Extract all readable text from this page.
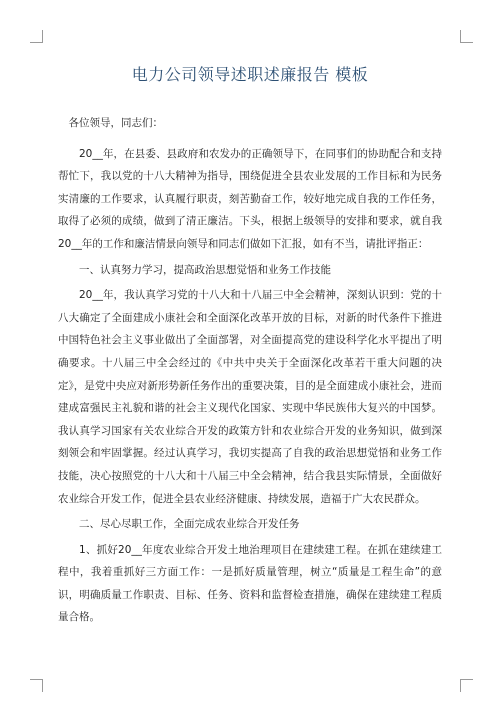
电力公司领导述职述廉报告 模板

各位领导，同志们：

20__年，在县委、县政府和农发办的正确领导下，在同事们的协助配合和支持帮忙下，我以党的十八大精神为指导，围绕促进全县农业发展的工作目标和为民务实清廉的工作要求，认真履行职责，刻苦勤奋工作，较好地完成自我的工作任务，取得了必须的成绩，做到了清正廉洁。下头，根据上级领导的安排和要求，就自我20__年的工作和廉洁情景向领导和同志们做如下汇报，如有不当，请批评指正：

一、认真努力学习，提高政治思想觉悟和业务工作技能

20__年，我认真学习党的十八大和十八届三中全会精神，深刻认识到：党的十八大确定了全面建成小康社会和全面深化改革开放的目标，对新的时代条件下推进中国特色社会主义事业做出了全面部署，对全面提高党的建设科学化水平提出了明确要求。十八届三中全会经过的《中共中央关于全面深化改革若干重大问题的决定》，是党中央应对新形势新任务作出的重要决策，目的是全面建成小康社会，进而建成富强民主礼貌和谐的社会主义现代化国家、实现中华民族伟大复兴的中国梦。我认真学习国家有关农业综合开发的政策方针和农业综合开发的业务知识，做到深刻领会和牢固掌握。经过认真学习，我切实提高了自我的政治思想觉悟和业务工作技能，决心按照党的十八大和十八届三中全会精神，结合我县实际情景，全面做好农业综合开发工作，促进全县农业经济健康、持续发展，造福于广大农民群众。

二、尽心尽职工作，全面完成农业综合开发任务

1、抓好20__年度农业综合开发土地治理项目在建续建工程。在抓在建续建工程中，我着重抓好三方面工作：一是抓好质量管理，树立“质量是工程生命”的意识，明确质量工作职责、目标、任务、资料和监督检查措施，确保在建续建工程质量合格。
